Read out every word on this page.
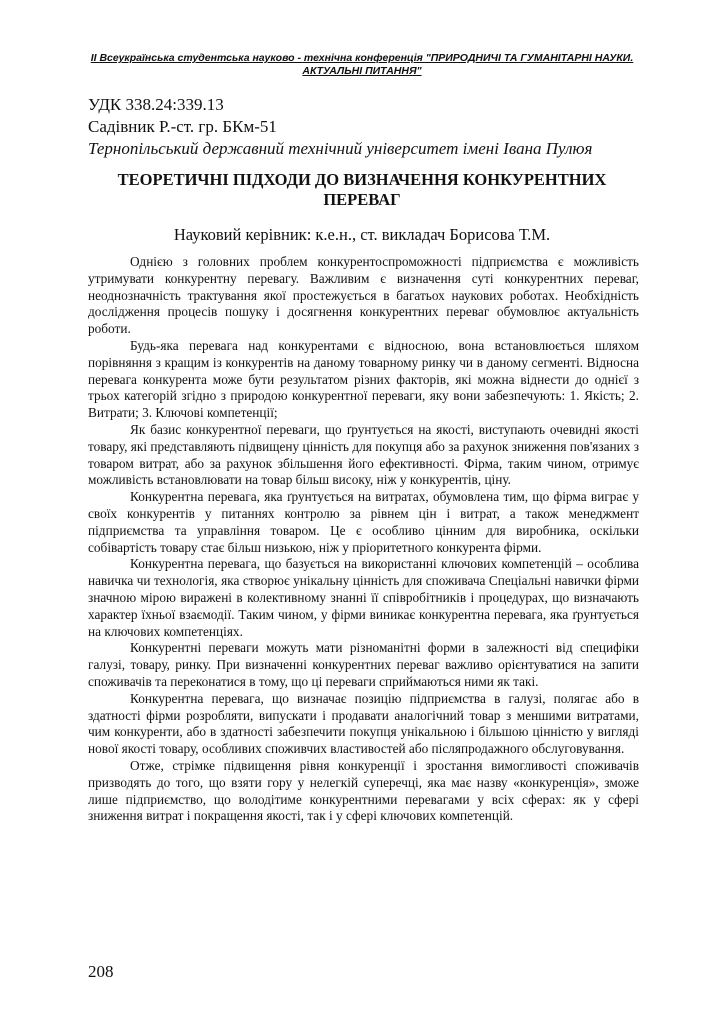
II Всеукраїнська студентська науково - технічна конференція "ПРИРОДНИЧІ ТА ГУМАНІТАРНІ НАУКИ.
АКТУАЛЬНІ ПИТАННЯ"
УДК 338.24:339.13
Садівник Р.-ст. гр. БКм-51
Тернопільський державний технічний університет імені Івана Пулюя
ТЕОРЕТИЧНІ ПІДХОДИ ДО ВИЗНАЧЕННЯ КОНКУРЕНТНИХ
ПЕРЕВАГ
Науковий керівник: к.е.н., ст. викладач Борисова Т.М.

Однією з головних проблем конкурентоспроможності підприємства є можливість утримувати конкурентну перевагу. Важливим є визначення суті конкурентних переваг, неоднозначність трактування якої простежується в багатьох наукових роботах. Необхідність дослідження процесів пошуку і досягнення конкурентних переваг обумовлює актуальність роботи.

Будь-яка перевага над конкурентами є відносною, вона встановлюється шляхом порівняння з кращим із конкурентів на даному товарному ринку чи в даному сегменті. Відносна перевага конкурента може бути результатом різних факторів, які можна віднести до однієї з трьох категорій згідно з природою конкурентної переваги, яку вони забезпечують: 1. Якість; 2. Витрати; 3. Ключові компетенції;

Як базис конкурентної переваги, що ґрунтується на якості, виступають очевидні якості товару, які представляють підвищену цінність для покупця або за рахунок зниження пов'язаних з товаром витрат, або за рахунок збільшення його ефективності. Фірма, таким чином, отримує можливість встановлювати на товар більш високу, ніж у конкурентів, ціну.

Конкурентна перевага, яка ґрунтується на витратах, обумовлена тим, що фірма виграє у своїх конкурентів у питаннях контролю за рівнем цін і витрат, а також менеджмент підприємства та управління товаром. Це є особливо цінним для виробника, оскільки собівартість товару стає більш низькою, ніж у пріоритетного конкурента фірми.

Конкурентна перевага, що базується на використанні ключових компетенцій – особлива навичка чи технологія, яка створює унікальну цінність для споживача Спеціальні навички фірми значною мірою виражені в колективному знанні її співробітників і процедурах, що визначають характер їхньої взаємодії. Таким чином, у фірми виникає конкурентна перевага, яка ґрунтується на ключових компетенціях.

Конкурентні переваги можуть мати різноманітні форми в залежності від специфіки галузі, товару, ринку. При визначенні конкурентних переваг важливо орієнтуватися на запити споживачів та переконатися в тому, що ці переваги сприймаються ними як такі.

Конкурентна перевага, що визначає позицію підприємства в галузі, полягає або в здатності фірми розробляти, випускати і продавати аналогічний товар з меншими витратами, чим конкуренти, або в здатності забезпечити покупця унікальною і більшою цінністю у вигляді нової якості товару, особливих споживчих властивостей або післяпродажного обслуговування.

Отже, стрімке підвищення рівня конкуренції і зростання вимогливості споживачів призводять до того, що взяти гору у нелегкій суперечці, яка має назву «конкуренція», зможе лише підприємство, що володітиме конкурентними перевагами у всіх сферах: як у сфері зниження витрат і покращення якості, так і у сфері ключових компетенцій.

208
